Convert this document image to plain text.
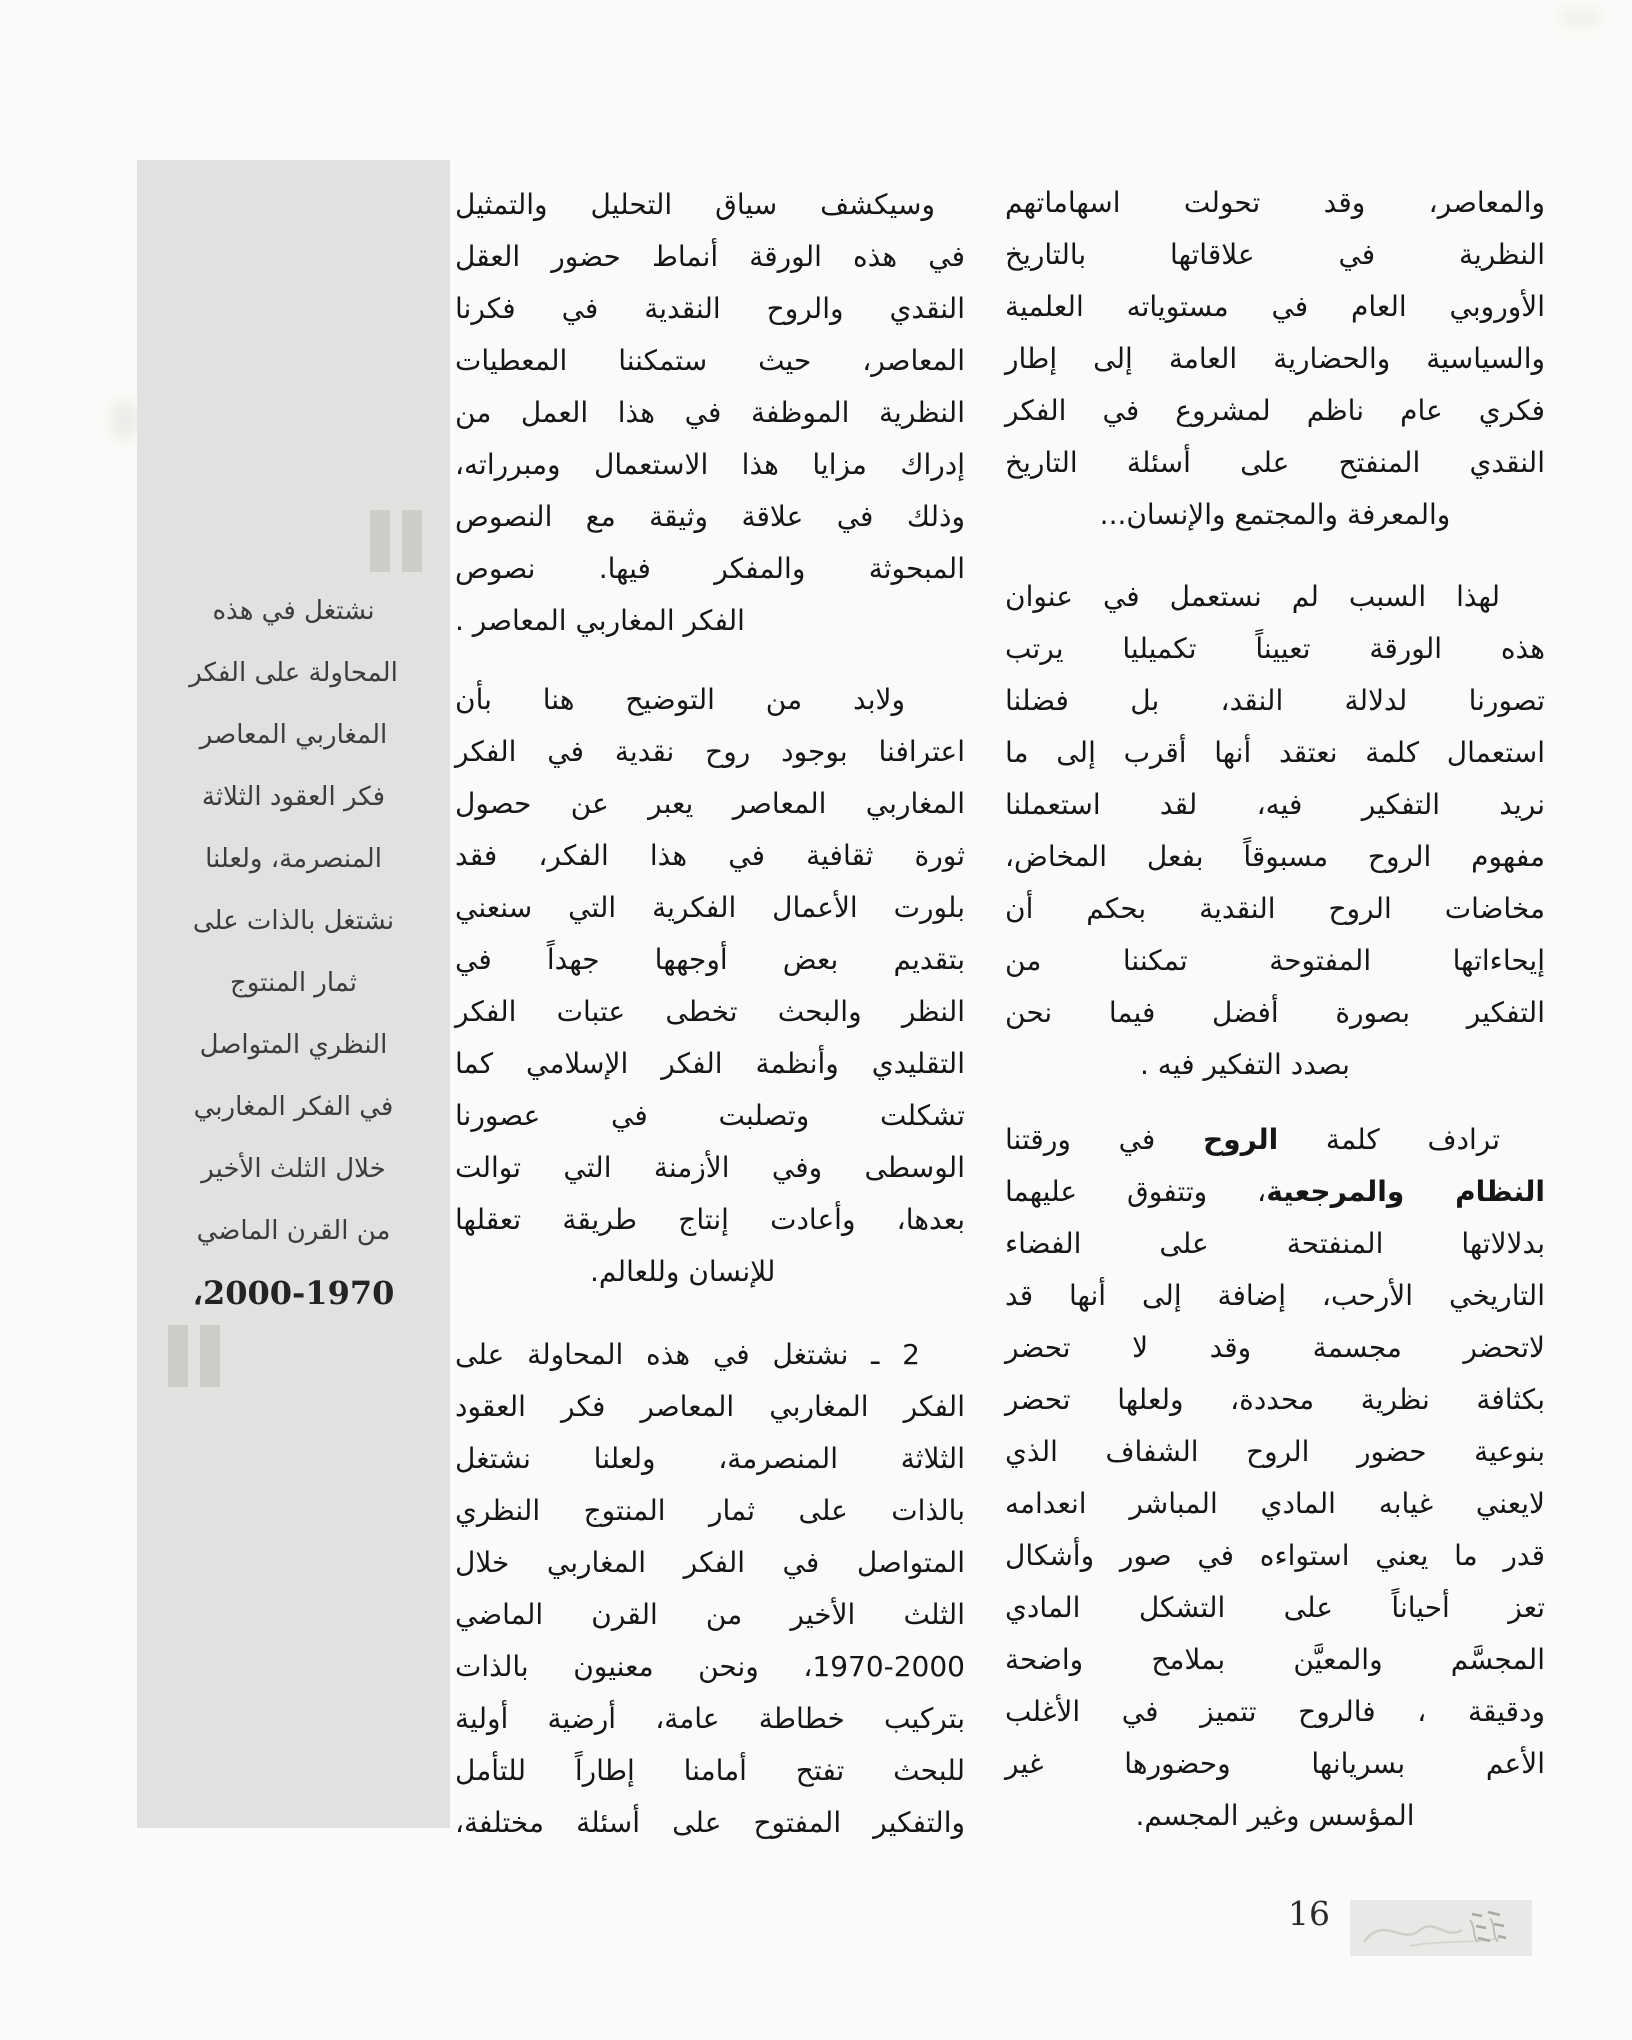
نشتغل في هذه
المحاولة على الفكر
المغاربي المعاصر
فكر العقود الثلاثة
المنصرمة، ولعلنا
نشتغل بالذات على
ثمار المنتوج
النظري المتواصل
في الفكر المغاربي
خلال الثلث الأخير
من القرن الماضي
2000-1970،
وسيكشف سياق التحليل والتمثيل
في هذه الورقة أنماط حضور العقل
النقدي والروح النقدية في فكرنا
المعاصر، حيث ستمكننا المعطيات
النظرية الموظفة في هذا العمل من
إدراك مزايا هذا الاستعمال ومبرراته،
وذلك في علاقة وثيقة مع النصوص
المبحوثة والمفكر فيها. نصوص
الفكر المغاربي المعاصر .
ولابد من التوضيح هنا بأن
اعترافنا بوجود روح نقدية في الفكر
المغاربي المعاصر يعبر عن حصول
ثورة ثقافية في هذا الفكر، فقد
بلورت الأعمال الفكرية التي سنعني
بتقديم بعض أوجهها جهداً في
النظر والبحث تخطى عتبات الفكر
التقليدي وأنظمة الفكر الإسلامي كما
تشكلت وتصلبت في عصورنا
الوسطى وفي الأزمنة التي توالت
بعدها، وأعادت إنتاج طريقة تعقلها
للإنسان وللعالم.
2 ـ نشتغل في هذه المحاولة على
الفكر المغاربي المعاصر فكر العقود
الثلاثة المنصرمة، ولعلنا نشتغل
بالذات على ثمار المنتوج النظري
المتواصل في الفكر المغاربي خلال
الثلث الأخير من القرن الماضي
1970-2000، ونحن معنيون بالذات
بتركيب خطاطة عامة، أرضية أولية
للبحث تفتح أمامنا إطاراً للتأمل
والتفكير المفتوح على أسئلة مختلفة،
والمعاصر، وقد تحولت اسهاماتهم
النظرية في علاقاتها بالتاريخ
الأوروبي العام في مستوياته العلمية
والسياسية والحضارية العامة إلى إطار
فكري عام ناظم لمشروع في الفكر
النقدي المنفتح على أسئلة التاريخ
والمعرفة والمجتمع والإنسان...
لهذا السبب لم نستعمل في عنوان
هذه الورقة تعييناً تكميليا يرتب
تصورنا لدلالة النقد، بل فضلنا
استعمال كلمة نعتقد أنها أقرب إلى ما
نريد التفكير فيه، لقد استعملنا
مفهوم الروح مسبوقاً بفعل المخاض،
مخاضات الروح النقدية بحكم أن
إيحاءاتها المفتوحة تمكننا من
التفكير بصورة أفضل فيما نحن
بصدد التفكير فيه .
ترادف كلمة الروح في ورقتنا
النظام والمرجعية، وتتفوق عليهما
بدلالاتها المنفتحة على الفضاء
التاريخي الأرحب، إضافة إلى أنها قد
لاتحضر مجسمة وقد لا تحضر
بكثافة نظرية محددة، ولعلها تحضر
بنوعية حضور الروح الشفاف الذي
لايعني غيابه المادي المباشر انعدامه
قدر ما يعني استواءه في صور وأشكال
تعز أحياناً على التشكل المادي
المجسَّم والمعيَّن بملامح واضحة
ودقيقة ، فالروح تتميز في الأغلب
الأعم بسريانها وحضورها غير
المؤسس وغير المجسم.
16
